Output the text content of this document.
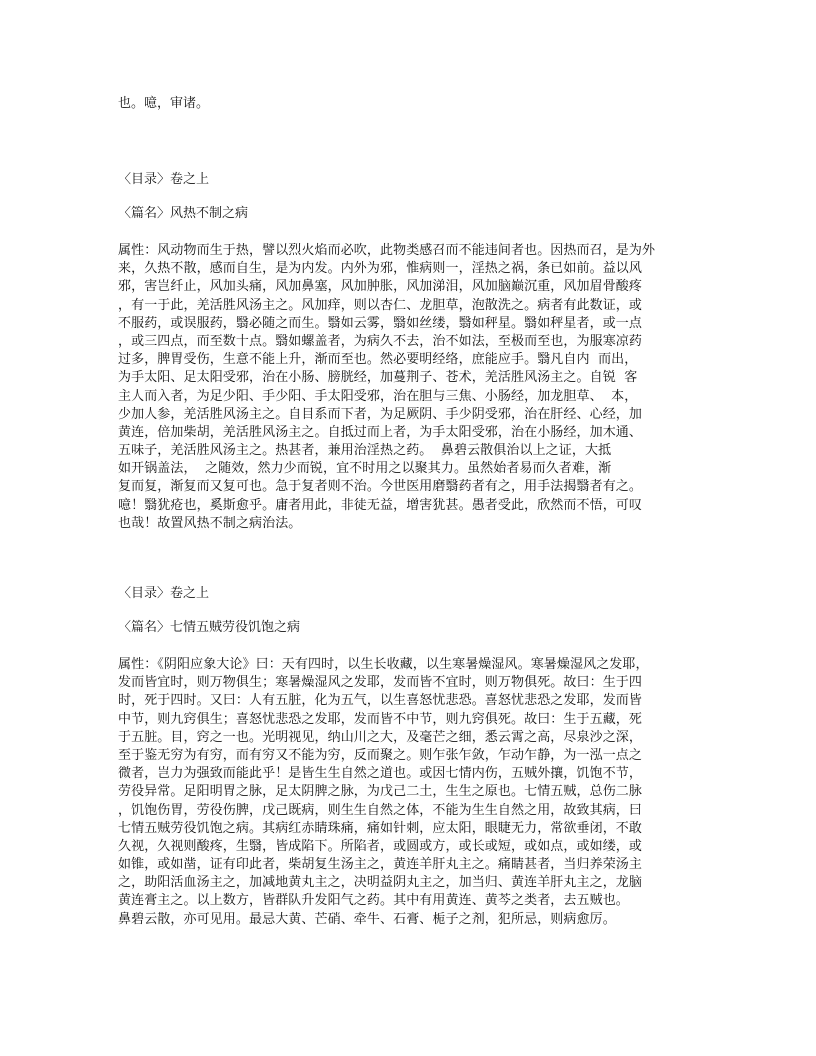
也。噫，审诸。
〈目录〉卷之上
〈篇名〉风热不制之病
属性：风动物而生于热，譬以烈火焰而必吹，此物类感召而不能违间者也。因热而召，是为外
来，久热不散，感而自生，是为内发。内外为邪，惟病则一，淫热之祸，条已如前。益以风
邪，害岂纤止，风加头痛，风加鼻塞，风加肿胀，风加涕泪，风加脑巅沉重，风加眉骨酸疼
，有一于此，羌活胜风汤主之。风加痒，则以杏仁、龙胆草，泡散洗之。病者有此数证，或
不服药，或误服药，翳必随之而生。翳如云雾，翳如丝缕，翳如秤星。翳如秤星者，或一点
，或三四点，而至数十点。翳如螺盖者，为病久不去，治不如法，至极而至也，为服寒凉药
过多，脾胃受伤，生意不能上升，渐而至也。然必要明经络，庶能应手。翳凡自内  而出，
为手太阳、足太阳受邪，治在小肠、膀胱经，加蔓荆子、苍术，羌活胜风汤主之。自锐  客
主人而入者，为足少阳、手少阳、手太阳受邪，治在胆与三焦、小肠经，加龙胆草、  本，
少加人参，羌活胜风汤主之。自目系而下者，为足厥阴、手少阴受邪，治在肝经、心经，加
黄连，倍加柴胡，羌活胜风汤主之。自抵过而上者，为手太阳受邪，治在小肠经，加木通、
五味子，羌活胜风汤主之。热甚者，兼用治淫热之药。  鼻碧云散俱治以上之证，大抵
如开锅盖法，  之随效，然力少而锐，宜不时用之以聚其力。虽然始者易而久者难，渐
复而复，渐复而又复可也。急于复者则不治。今世医用磨翳药者有之，用手法揭翳者有之。
噫！翳犹疮也，奚斯愈乎。庸者用此，非徒无益，增害犹甚。愚者受此，欣然而不悟，可叹
也哉！故置风热不制之病治法。
〈目录〉卷之上
〈篇名〉七情五贼劳役饥饱之病
属性：《阴阳应象大论》曰：天有四时，以生长收藏，以生寒暑燥湿风。寒暑燥湿风之发耶，
发而皆宜时，则万物俱生；寒暑燥湿风之发耶，发而皆不宜时，则万物俱死。故曰：生于四
时，死于四时。又曰：人有五脏，化为五气，以生喜怒忧悲恐。喜怒忧悲恐之发耶，发而皆
中节，则九窍俱生；喜怒忧悲恐之发耶，发而皆不中节，则九窍俱死。故曰：生于五藏，死
于五脏。目，窍之一也。光明视见，纳山川之大，及毫芒之细，悉云霄之高，尽泉沙之深，
至于鉴无穷为有穷，而有穷又不能为穷，反而聚之。则乍张乍敛，乍动乍静，为一泓一点之
微者，岂力为强致而能此乎！是皆生生自然之道也。或因七情内伤，五贼外攘，饥饱不节，
劳役异常。足阳明胃之脉，足太阴脾之脉，为戊己二土，生生之原也。七情五贼，总伤二脉
，饥饱伤胃，劳役伤脾，戊己既病，则生生自然之体，不能为生生自然之用，故致其病，曰
七情五贼劳役饥饱之病。其病红赤睛珠痛，痛如针刺，应太阳，眼睫无力，常欲垂闭，不敢
久视，久视则酸疼，生翳，皆成陷下。所陷者，或圆或方，或长或短，或如点，或如缕，或
如锥，或如凿，证有印此者，柴胡复生汤主之，黄连羊肝丸主之。痛睛甚者，当归养荣汤主
之，助阳活血汤主之，加减地黄丸主之，决明益阴丸主之，加当归、黄连羊肝丸主之，龙脑
黄连膏主之。以上数方，皆群队升发阳气之药。其中有用黄连、黄芩之类者，去五贼也。
鼻碧云散，亦可见用。最忌大黄、芒硝、牵牛、石膏、栀子之剂，犯所忌，则病愈厉。
